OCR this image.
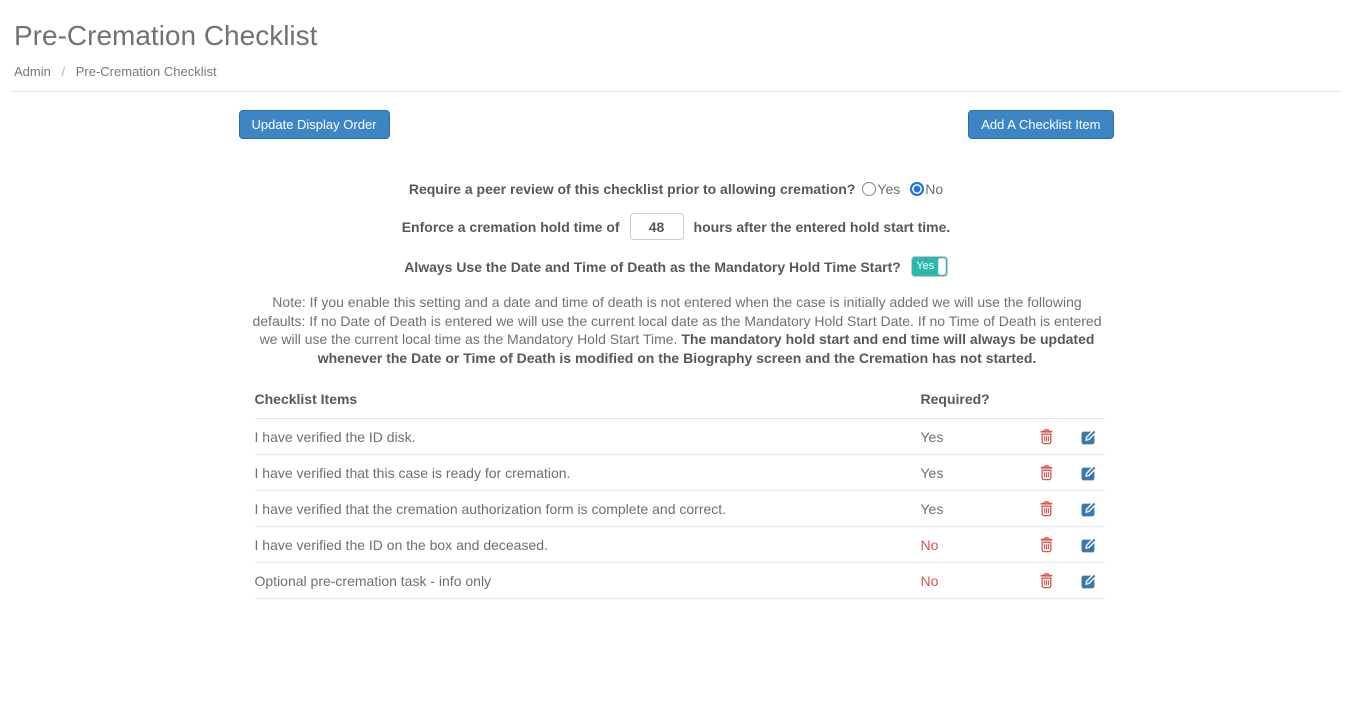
Pre-Cremation Checklist
Admin / Pre-Cremation Checklist
Update Display Order	Add A Checklist Item
Require a peer review of this checklist prior to allowing cremation? Yes No
Enforce a cremation hold time of
48	hours after the entered hold start time.
Always Use the Date and Time of Death as the Mandatory Hold Time Start?	Yes

Note: If you enable this setting and a date and time of death is not entered when the case is initially added we will use the following defaults: If no Date of Death is entered we will use the current local date as the Mandatory Hold Start Date. If no Time of Death is entered we will use the current local time as the Mandatory Hold Start Time. The mandatory hold start and end time will always be updated whenever the Date or Time of Death is modified on the Biography screen and the Cremation has not started.

Checklist Items	Required?	
I have verified the ID disk.	Yes	

I have verified that this case is ready for cremation.	Yes	

I have verified that the cremation authorization form is complete and correct.	Yes	

I have verified the ID on the box and deceased.	No	

Optional pre-cremation task - info only	No	
